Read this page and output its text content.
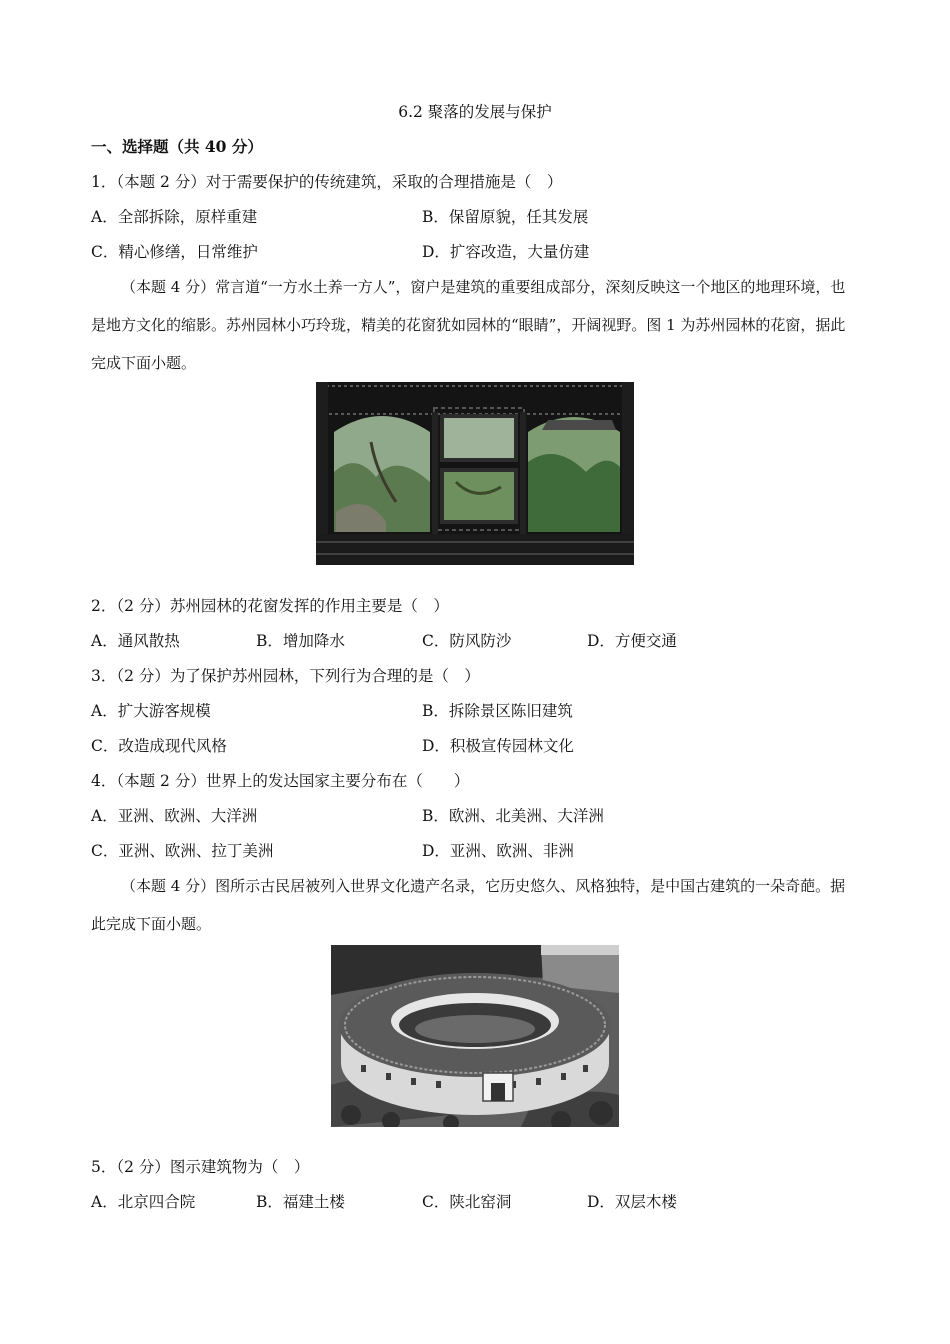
6.2 聚落的发展与保护
一、选择题（共 40 分）
1．（本题 2 分）对于需要保护的传统建筑，采取的合理措施是（　）
A．全部拆除，原样重建	B．保留原貌，任其发展
C．精心修缮，日常维护	D．扩容改造，大量仿建
（本题 4 分）常言道“一方水土养一方人”，窗户是建筑的重要组成部分，深刻反映这一个地区的地理环境，也是地方文化的缩影。苏州园林小巧玲珑，精美的花窗犹如园林的“眼睛”，开阔视野。图 1 为苏州园林的花窗，据此完成下面小题。
2．（2 分）苏州园林的花窗发挥的作用主要是（　）
A．通风散热	B．增加降水	C．防风防沙	D．方便交通
3．（2 分）为了保护苏州园林，下列行为合理的是（　）
A．扩大游客规模	B．拆除景区陈旧建筑
C．改造成现代风格	D．积极宣传园林文化
4．（本题 2 分）世界上的发达国家主要分布在（　　）
A．亚洲、欧洲、大洋洲	B．欧洲、北美洲、大洋洲
C．亚洲、欧洲、拉丁美洲	D．亚洲、欧洲、非洲
（本题 4 分）图所示古民居被列入世界文化遗产名录，它历史悠久、风格独特，是中国古建筑的一朵奇葩。据此完成下面小题。
5．（2 分）图示建筑物为（　）
A．北京四合院	B．福建土楼	C．陕北窑洞	D．双层木楼
